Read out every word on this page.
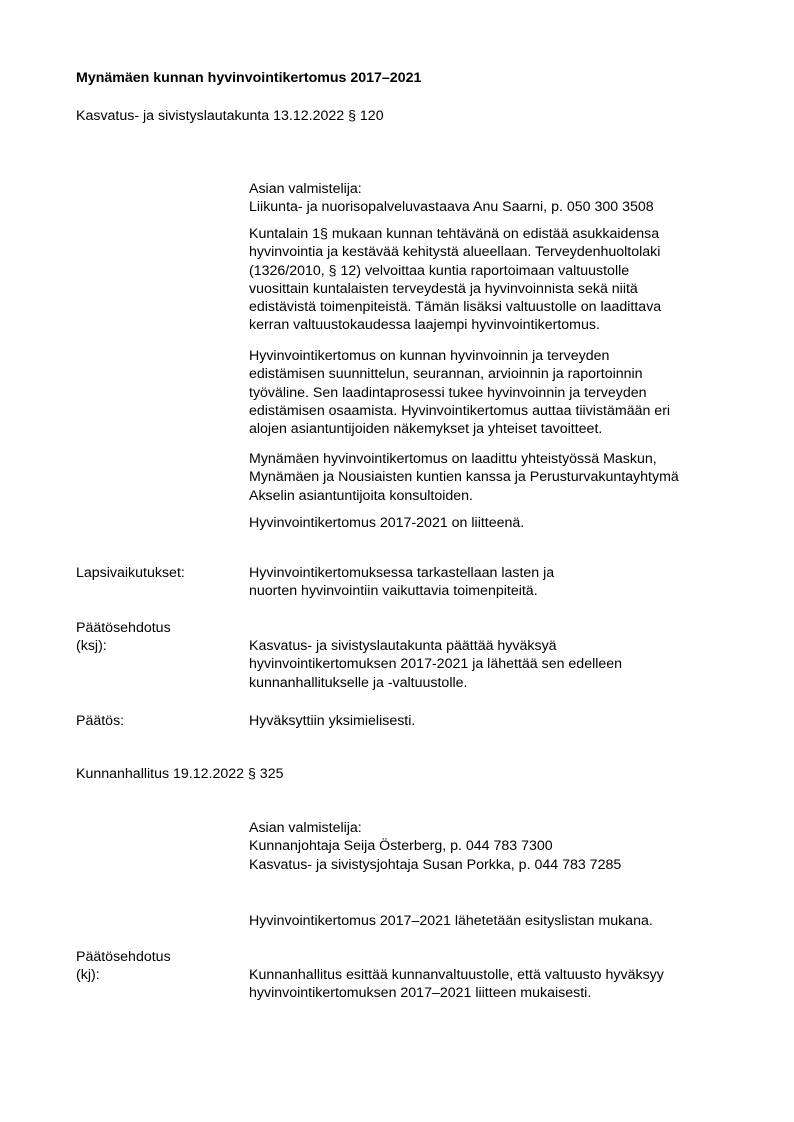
Mynämäen kunnan hyvinvointikertomus 2017–2021
Kasvatus- ja sivistyslautakunta 13.12.2022 § 120

Asian valmistelija:

Liikunta- ja nuorisopalveluvastaava Anu Saarni, p. 050 300 3508

Kuntalain 1§ mukaan kunnan tehtävänä on edistää asukkaidensa

hyvinvointia ja kestävää kehitystä alueellaan. Terveydenhuoltolaki

(1326/2010, § 12) velvoittaa kuntia raportoimaan valtuustolle

vuosittain kuntalaisten terveydestä ja hyvinvoinnista sekä niitä

edistävistä toimenpiteistä. Tämän lisäksi valtuustolle on laadittava

kerran valtuustokaudessa laajempi hyvinvointikertomus.

Hyvinvointikertomus on kunnan hyvinvoinnin ja terveyden

edistämisen suunnittelun, seurannan, arvioinnin ja raportoinnin

työväline. Sen laadintaprosessi tukee hyvinvoinnin ja terveyden

edistämisen osaamista. Hyvinvointikertomus auttaa tiivistämään eri

alojen asiantuntijoiden näkemykset ja yhteiset tavoitteet.

Mynämäen hyvinvointikertomus on laadittu yhteistyössä Maskun,

Mynämäen ja Nousiaisten kuntien kanssa ja Perusturvakuntayhtymä

Akselin asiantuntijoita konsultoiden.

Hyvinvointikertomus 2017-2021 on liitteenä.

Lapsivaikutukset:	Hyvinvointikertomuksessa tarkastellaan lasten ja

nuorten hyvinvointiin vaikuttavia toimenpiteitä.

Päätösehdotus
(ksj):	Kasvatus- ja sivistyslautakunta päättää hyväksyä

hyvinvointikertomuksen 2017-2021 ja lähettää sen edelleen

kunnanhallitukselle ja -valtuustolle.

Päätös:	Hyväksyttiin yksimielisesti.

Kunnanhallitus 19.12.2022 § 325

Asian valmistelija:

Kunnanjohtaja Seija Österberg, p. 044 783 7300

Kasvatus- ja sivistysjohtaja Susan Porkka, p. 044 783 7285

Hyvinvointikertomus 2017–2021 lähetetään esityslistan mukana.

Päätösehdotus
(kj):	Kunnanhallitus esittää kunnanvaltuustolle, että valtuusto hyväksyy

hyvinvointikertomuksen 2017–2021 liitteen mukaisesti.
